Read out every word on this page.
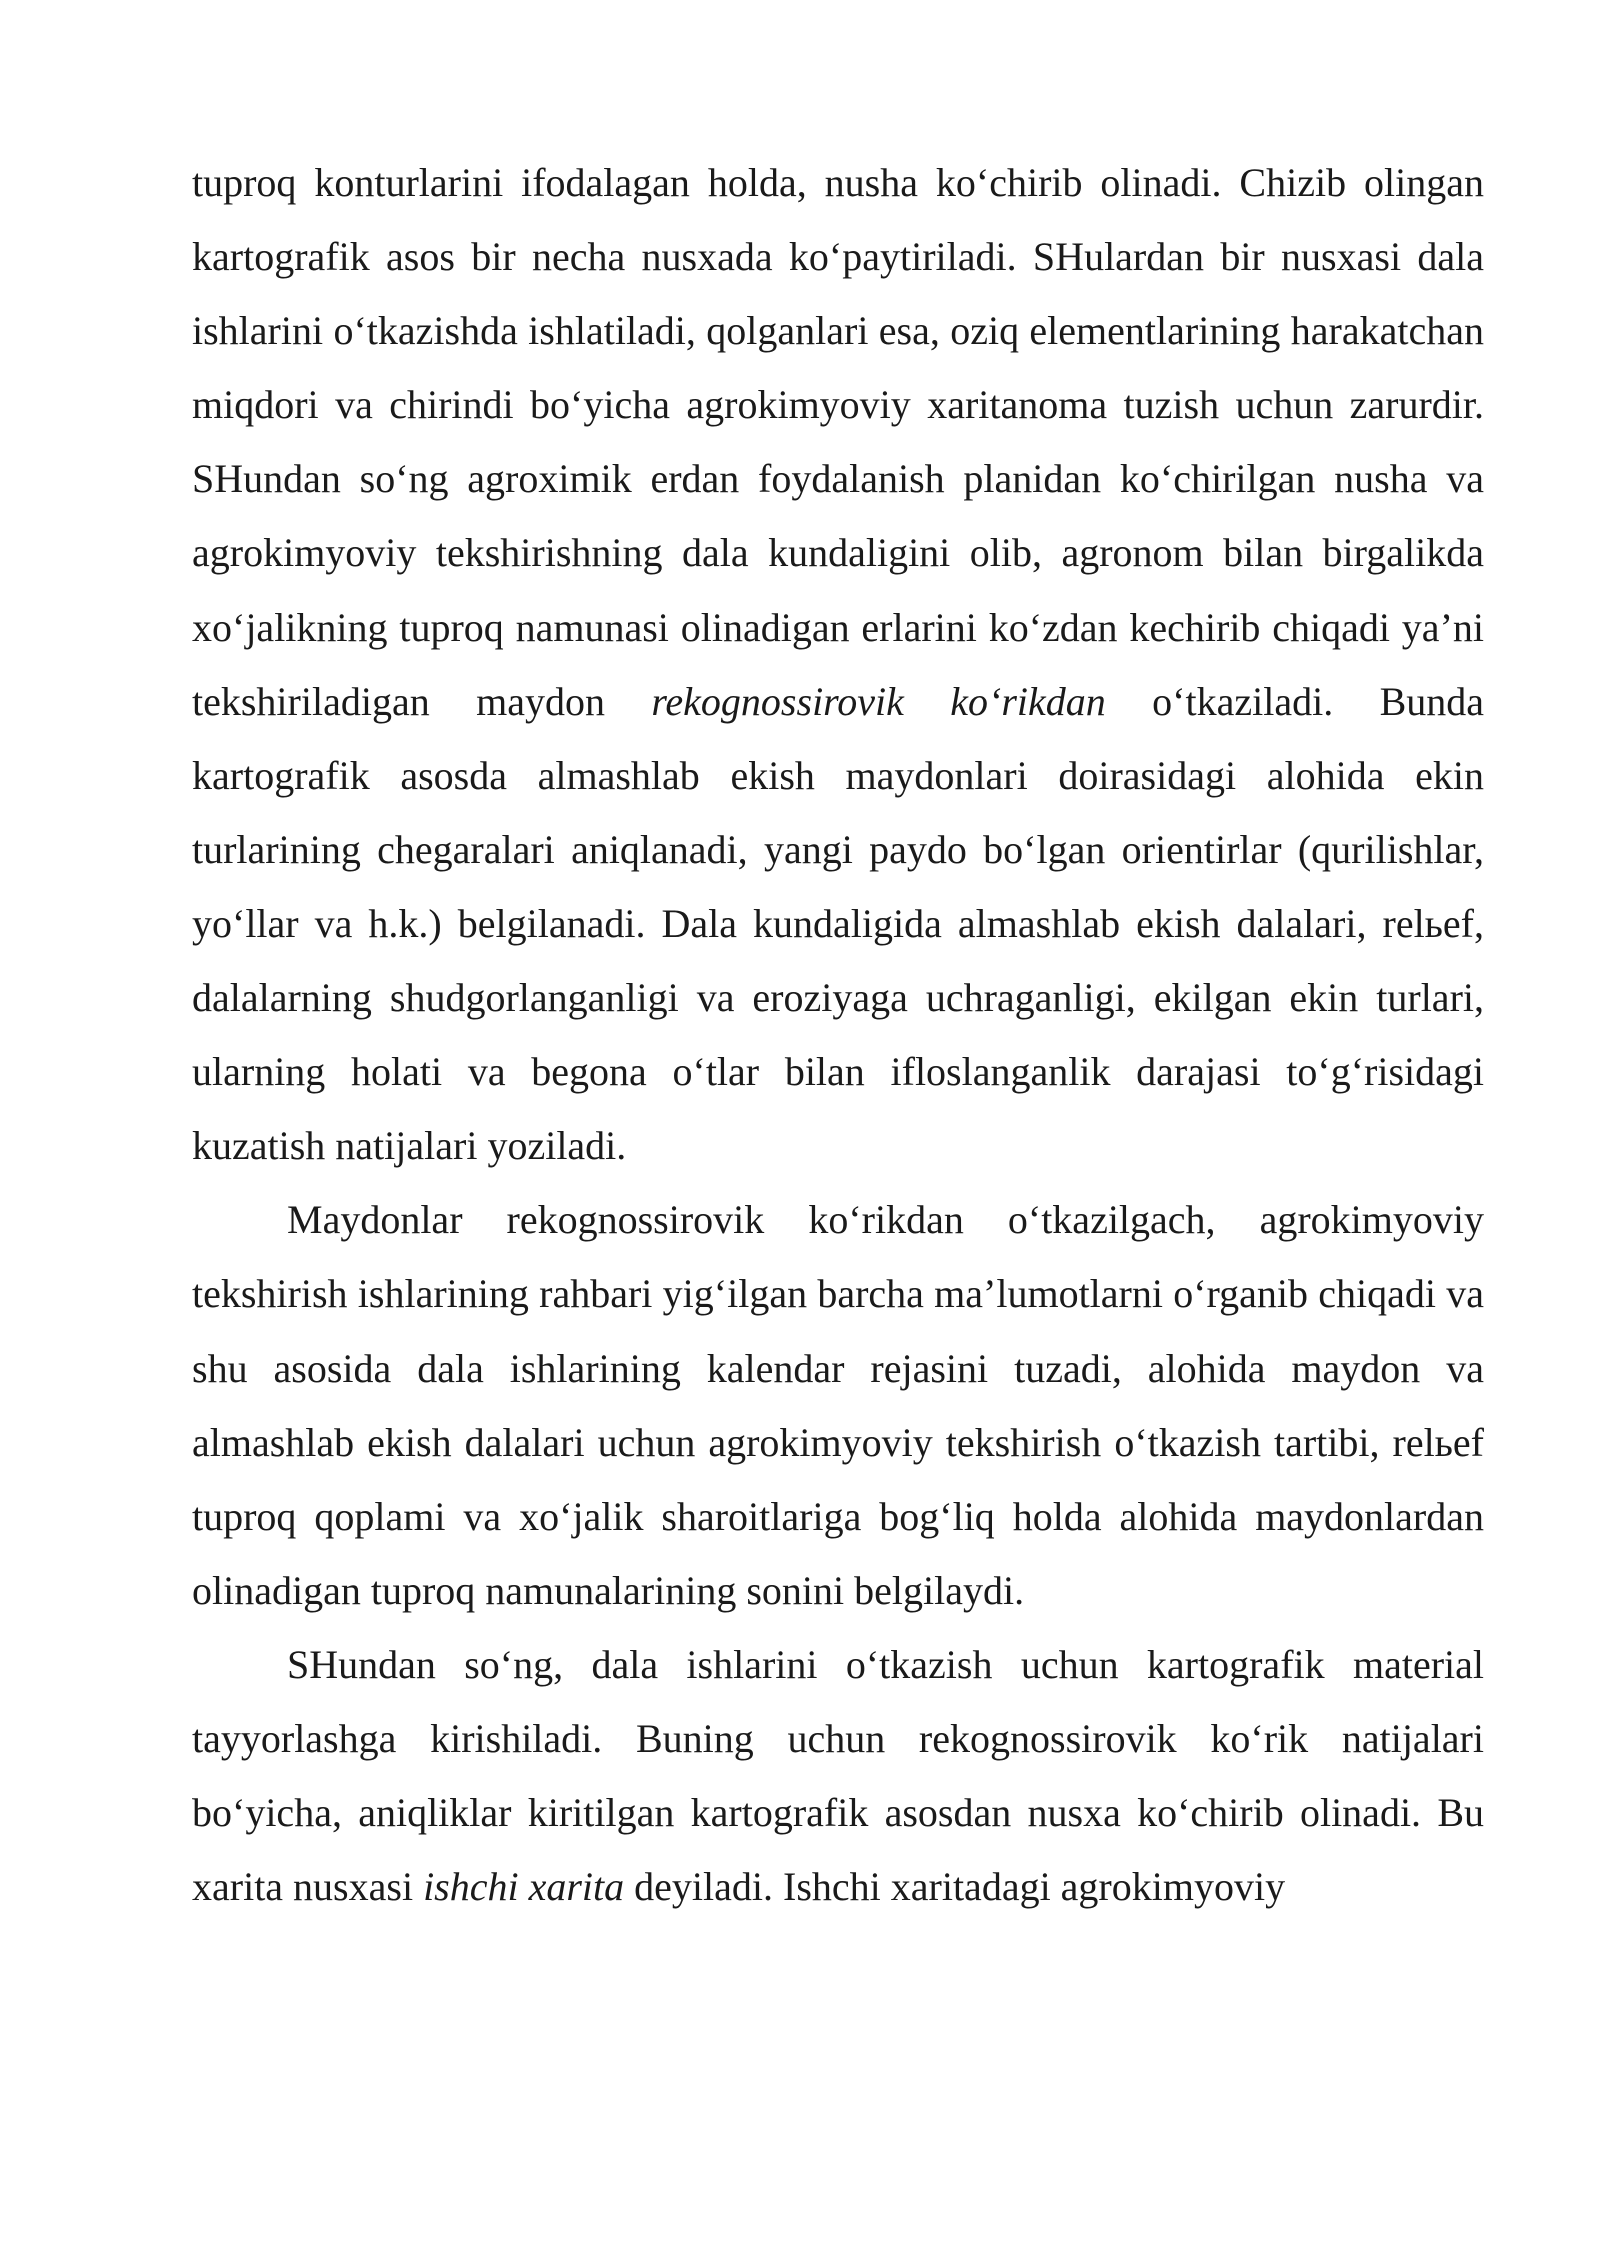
tuproq konturlarini ifodalagan holda, nusha ko‘chirib olinadi. Chizib olingan kartografik asos bir necha nusxada ko‘paytiriladi. SHulardan bir nusxasi dala ishlarini o‘tkazishda ishlatiladi, qolganlari esa, oziq elementlarining harakatchan miqdori va chirindi bo‘yicha agrokimyoviy xaritanoma tuzish uchun zarurdir. SHundan so‘ng agroximik erdan foydalanish planidan ko‘chirilgan nusha va agrokimyoviy tekshirishning dala kundaligini olib, agronom bilan birgalikda xo‘jalikning tuproq namunasi olinadigan erlarini ko‘zdan kechirib chiqadi ya’ni tekshiriladigan maydon rekognossirovik ko‘rikdan o‘tkaziladi. Bunda kartografik asosda almashlab ekish maydonlari doirasidagi alohida ekin turlarining chegaralari aniqlanadi, yangi paydo bo‘lgan orientirlar (qurilishlar, yo‘llar va h.k.) belgilanadi. Dala kundaligida almashlab ekish dalalari, relьef, dalalarning shudgorlanganligi va eroziyaga uchraganligi, ekilgan ekin turlari, ularning holati va begona o‘tlar bilan ifloslanganlik darajasi to‘g‘risidagi kuzatish natijalari yoziladi.

Maydonlar rekognossirovik ko‘rikdan o‘tkazilgach, agrokimyoviy tekshirish ishlarining rahbari yig‘ilgan barcha ma’lumotlarni o‘rganib chiqadi va shu asosida dala ishlarining kalendar rejasini tuzadi, alohida maydon va almashlab ekish dalalari uchun agrokimyoviy tekshirish o‘tkazish tartibi, relьef tuproq qoplami va xo‘jalik sharoitlariga bog‘liq holda alohida maydonlardan olinadigan tuproq namunalarining sonini belgilaydi.

SHundan so‘ng, dala ishlarini o‘tkazish uchun kartografik material tayyorlashga kirishiladi. Buning uchun rekognossirovik ko‘rik natijalari bo‘yicha, aniqliklar kiritilgan kartografik asosdan nusxa ko‘chirib olinadi. Bu xarita nusxasi ishchi xarita deyiladi. Ishchi xaritadagi agrokimyoviy
